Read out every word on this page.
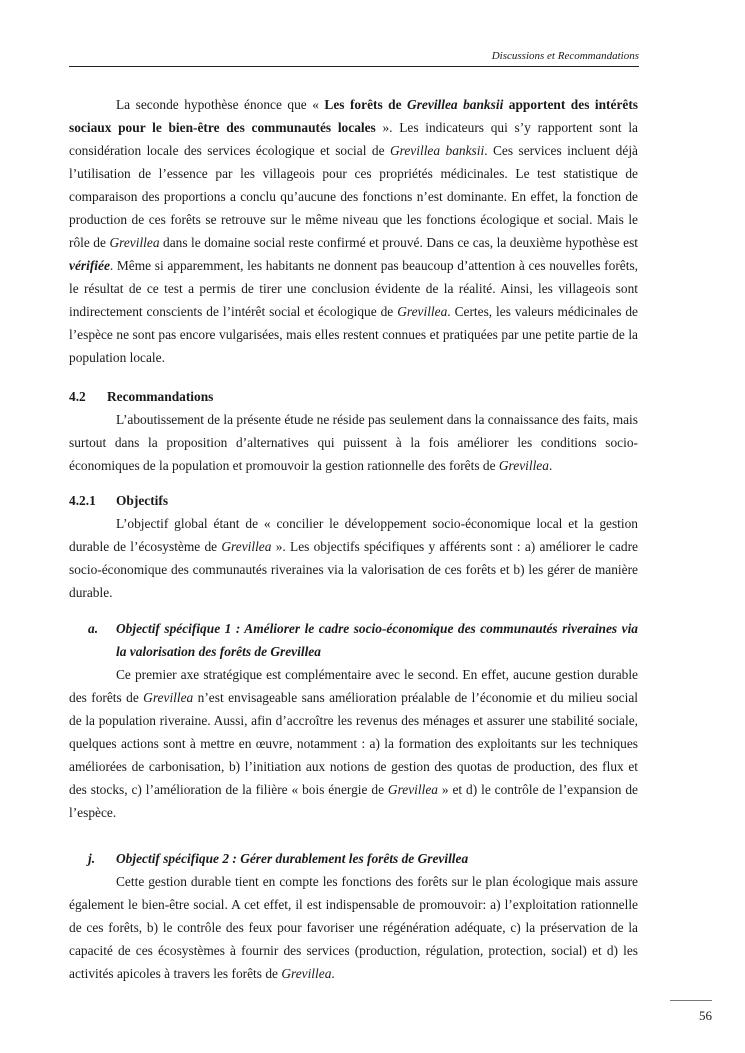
Discussions et Recommandations

La seconde hypothèse énonce que « Les forêts de Grevillea banksii apportent des intérêts sociaux pour le bien-être des communautés locales ». Les indicateurs qui s’y rapportent sont la considération locale des services écologique et social de Grevillea banksii. Ces services incluent déjà l’utilisation de l’essence par les villageois pour ces propriétés médicinales. Le test statistique de comparaison des proportions a conclu qu’aucune des fonctions n’est dominante. En effet, la fonction de production de ces forêts se retrouve sur le même niveau que les fonctions écologique et social. Mais le rôle de Grevillea dans le domaine social reste confirmé et prouvé. Dans ce cas, la deuxième hypothèse est vérifiée. Même si apparemment, les habitants ne donnent pas beaucoup d’attention à ces nouvelles forêts, le résultat de ce test a permis de tirer une conclusion évidente de la réalité. Ainsi, les villageois sont indirectement conscients de l’intérêt social et écologique de Grevillea. Certes, les valeurs médicinales de l’espèce ne sont pas encore vulgarisées, mais elles restent connues et pratiquées par une petite partie de la population locale.

4.2	Recommandations

L’aboutissement de la présente étude ne réside pas seulement dans la connaissance des faits, mais surtout dans la proposition d’alternatives qui puissent à la fois améliorer les conditions socio-économiques de la population et promouvoir la gestion rationnelle des forêts de Grevillea.

4.2.1	Objectifs

L’objectif global étant de « concilier le développement socio-économique local et la gestion durable de l’écosystème de Grevillea ». Les objectifs spécifiques y afférents sont : a) améliorer le cadre socio-économique des communautés riveraines via la valorisation de ces forêts et b) les gérer de manière durable.

a.	Objectif spécifique 1 : Améliorer le cadre socio-économique des communautés riveraines via la valorisation des forêts de Grevillea

Ce premier axe stratégique est complémentaire avec le second. En effet, aucune gestion durable des forêts de Grevillea n’est envisageable sans amélioration préalable de l’économie et du milieu social de la population riveraine. Aussi, afin d’accroître les revenus des ménages et assurer une stabilité sociale, quelques actions sont à mettre en œuvre, notamment : a) la formation des exploitants sur les techniques améliorées de carbonisation, b) l’initiation aux notions de gestion des quotas de production, des flux et des stocks, c) l’amélioration de la filière « bois énergie de Grevillea » et d) le contrôle de l’expansion de l’espèce.

j.	Objectif spécifique 2 : Gérer durablement les forêts de Grevillea

Cette gestion durable tient en compte les fonctions des forêts sur le plan écologique mais assure également le bien-être social. A cet effet, il est indispensable de promouvoir: a) l’exploitation rationnelle de ces forêts, b) le contrôle des feux pour favoriser une régénération adéquate, c) la préservation de la capacité de ces écosystèmes à fournir des services (production, régulation, protection, social) et d) les activités apicoles à travers les forêts de Grevillea.

56
